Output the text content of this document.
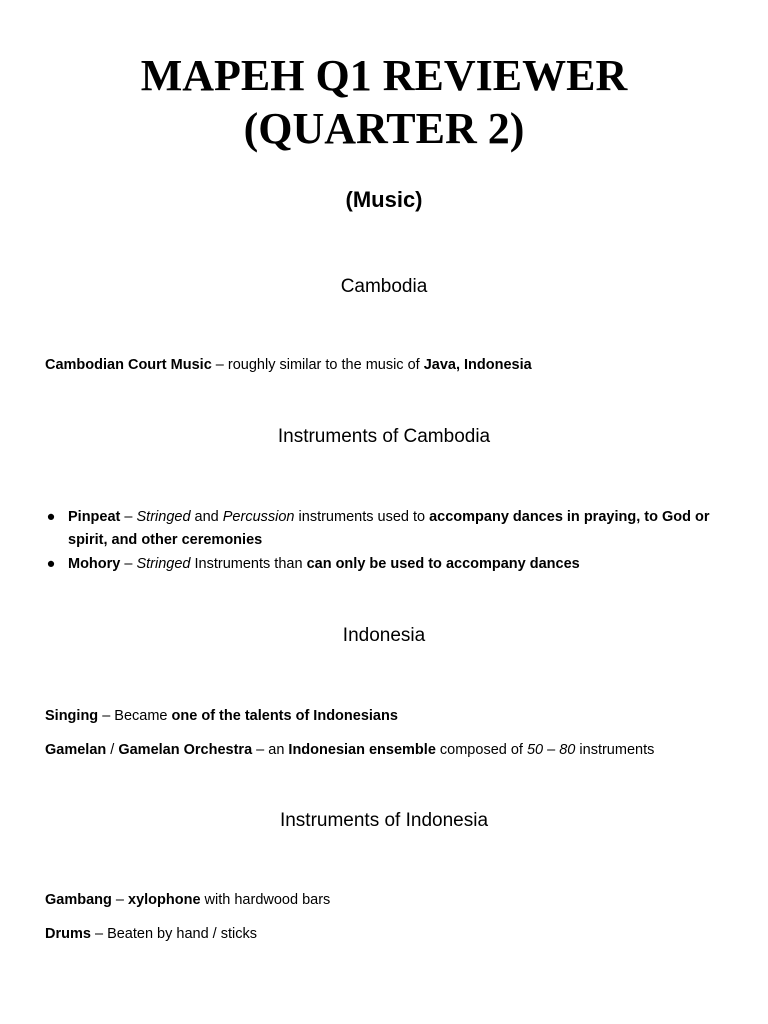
MAPEH Q1 REVIEWER
(QUARTER 2)
(Music)
Cambodia

Cambodian Court Music – roughly similar to the music of Java, Indonesia

Instruments of Cambodia
● Pinpeat – Stringed and Percussion instruments used to accompany dances in praying, to God or spirit, and other ceremonies
● Mohory – Stringed Instruments than can only be used to accompany dances
Indonesia

Singing – Became one of the talents of Indonesians

Gamelan / Gamelan Orchestra – an Indonesian ensemble composed of 50 – 80 instruments

Instruments of Indonesia

Gambang – xylophone with hardwood bars

Drums – Beaten by hand / sticks
